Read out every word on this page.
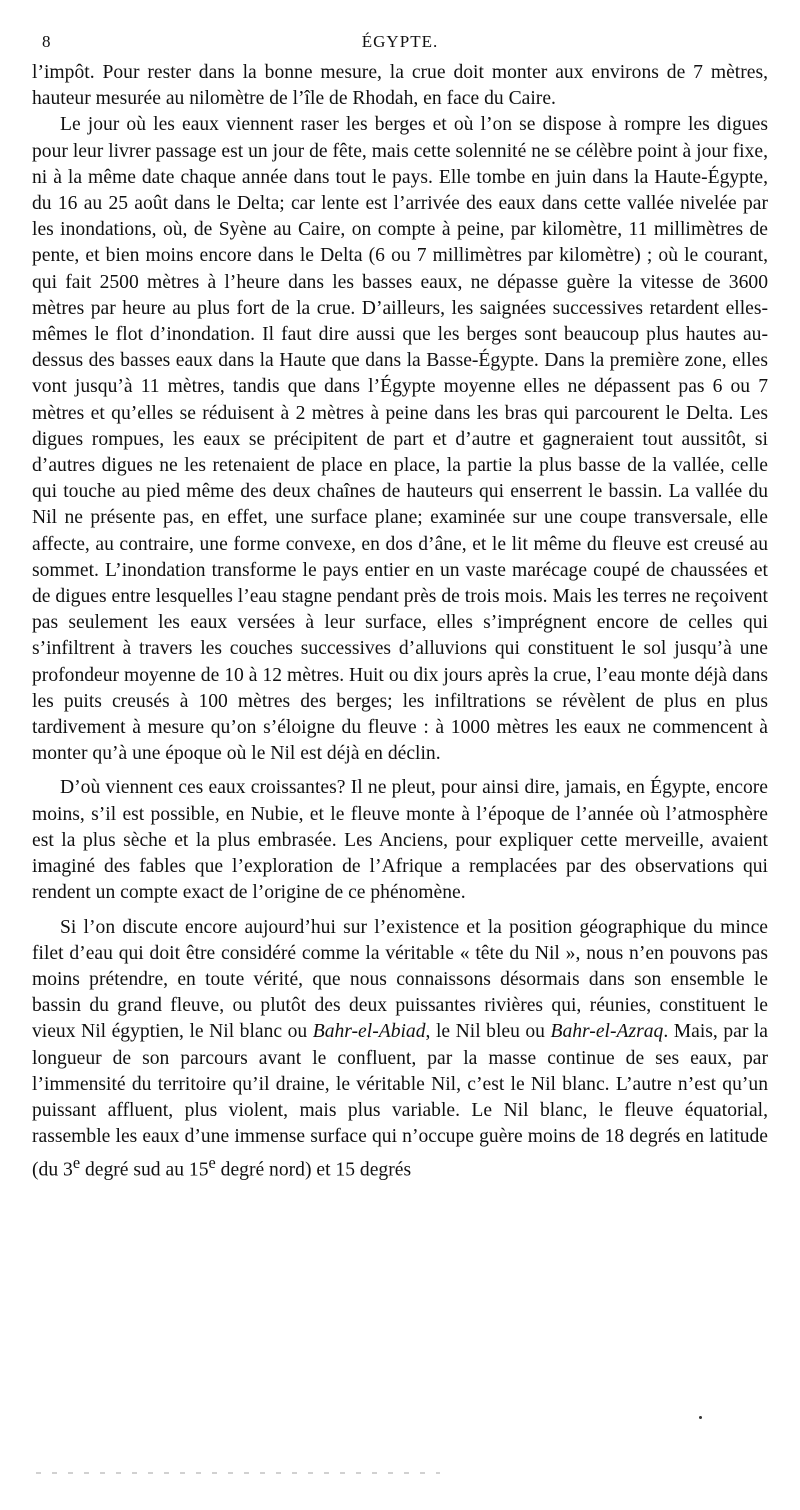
8	ÉGYPTE.

l’impôt. Pour rester dans la bonne mesure, la crue doit monter aux environs de 7 mètres, hauteur mesurée au nilomètre de l’île de Rhodah, en face du Caire.

Le jour où les eaux viennent raser les berges et où l’on se dispose à rompre les digues pour leur livrer passage est un jour de fête, mais cette solennité ne se célèbre point à jour fixe, ni à la même date chaque année dans tout le pays. Elle tombe en juin dans la Haute-Égypte, du 16 au 25 août dans le Delta; car lente est l’arrivée des eaux dans cette vallée nivelée par les inondations, où, de Syène au Caire, on compte à peine, par kilomètre, 11 millimètres de pente, et bien moins encore dans le Delta (6 ou 7 millimètres par kilomètre) ; où le courant, qui fait 2500 mètres à l’heure dans les basses eaux, ne dépasse guère la vitesse de 3600 mètres par heure au plus fort de la crue. D’ailleurs, les saignées successives retardent elles-mêmes le flot d’inondation. Il faut dire aussi que les berges sont beaucoup plus hautes au-dessus des basses eaux dans la Haute que dans la Basse-Égypte. Dans la première zone, elles vont jusqu’à 11 mètres, tandis que dans l’Égypte moyenne elles ne dépassent pas 6 ou 7 mètres et qu’elles se réduisent à 2 mètres à peine dans les bras qui parcourent le Delta. Les digues rompues, les eaux se précipitent de part et d’autre et gagneraient tout aussitôt, si d’autres digues ne les retenaient de place en place, la partie la plus basse de la vallée, celle qui touche au pied même des deux chaînes de hauteurs qui enserrent le bassin. La vallée du Nil ne présente pas, en effet, une surface plane; examinée sur une coupe transversale, elle affecte, au contraire, une forme convexe, en dos d’âne, et le lit même du fleuve est creusé au sommet. L’inondation transforme le pays entier en un vaste marécage coupé de chaussées et de digues entre lesquelles l’eau stagne pendant près de trois mois. Mais les terres ne reçoivent pas seulement les eaux versées à leur surface, elles s’imprégnent encore de celles qui s’infiltrent à travers les couches successives d’alluvions qui constituent le sol jusqu’à une profondeur moyenne de 10 à 12 mètres. Huit ou dix jours après la crue, l’eau monte déjà dans les puits creusés à 100 mètres des berges; les infiltrations se révèlent de plus en plus tardivement à mesure qu’on s’éloigne du fleuve : à 1000 mètres les eaux ne commencent à monter qu’à une époque où le Nil est déjà en déclin.

D’où viennent ces eaux croissantes? Il ne pleut, pour ainsi dire, jamais, en Égypte, encore moins, s’il est possible, en Nubie, et le fleuve monte à l’époque de l’année où l’atmosphère est la plus sèche et la plus embrasée. Les Anciens, pour expliquer cette merveille, avaient imaginé des fables que l’exploration de l’Afrique a remplacées par des observations qui rendent un compte exact de l’origine de ce phénomène.

Si l’on discute encore aujourd’hui sur l’existence et la position géographique du mince filet d’eau qui doit être considéré comme la véritable « tête du Nil », nous n’en pouvons pas moins prétendre, en toute vérité, que nous connaissons désormais dans son ensemble le bassin du grand fleuve, ou plutôt des deux puissantes rivières qui, réunies, constituent le vieux Nil égyptien, le Nil blanc ou Bahr-el-Abiad, le Nil bleu ou Bahr-el-Azraq. Mais, par la longueur de son parcours avant le confluent, par la masse continue de ses eaux, par l’immensité du territoire qu’il draine, le véritable Nil, c’est le Nil blanc. L’autre n’est qu’un puissant affluent, plus violent, mais plus variable. Le Nil blanc, le fleuve équatorial, rassemble les eaux d’une immense surface qui n’occupe guère moins de 18 degrés en latitude (du 3e degré sud au 15e degré nord) et 15 degrés
